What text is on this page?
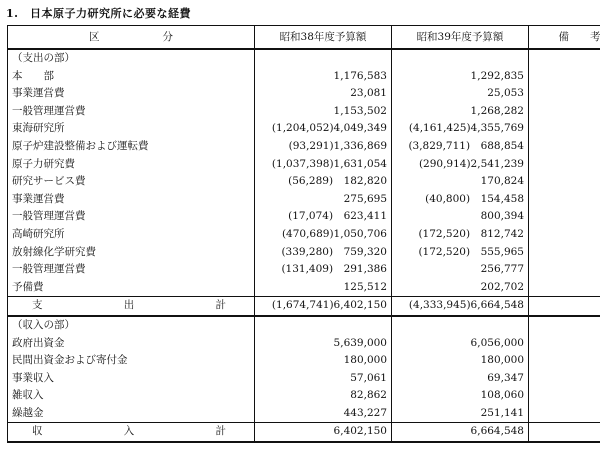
1.　日本原子力研究所に必要な経費
区　　　　　　分	昭和38年度予算額	昭和39年度予算額	備　　考
（支出の部）			
本　　部	1,176,583	1,292,835	
事業運営費	23,081	25,053	
一般管理運営費	1,153,502	1,268,282	
東海研究所	(1,204,052)4,049,349	(4,161,425)4,355,769	
原子炉建設整備および運転費	(93,291)1,336,869	(3,829,711)　688,854	
原子力研究費	(1,037,398)1,631,054	(290,914)2,541,239	
研究サービス費	(56,289)　182,820	170,824	
事業運営費	275,695	(40,800)　154,458	
一般管理運営費	(17,074)　623,411	800,394	
高崎研究所	(470,689)1,050,706	(172,520)　812,742	
放射線化学研究費	(339,280)　759,320	(172,520)　555,965	
一般管理運営費	(131,409)　291,386	256,777	
予備費	125,512	202,702	

支　出　計	(1,674,741)6,402,150	(4,333,945)6,664,548	
（収入の部）			
政府出資金	5,639,000	6,056,000	
民間出資金および寄付金	180,000	180,000	
事業収入	57,061	69,347	
雑収入	82,862	108,060	
繰越金	443,227	251,141	

収　入　計	6,402,150	6,664,548	
